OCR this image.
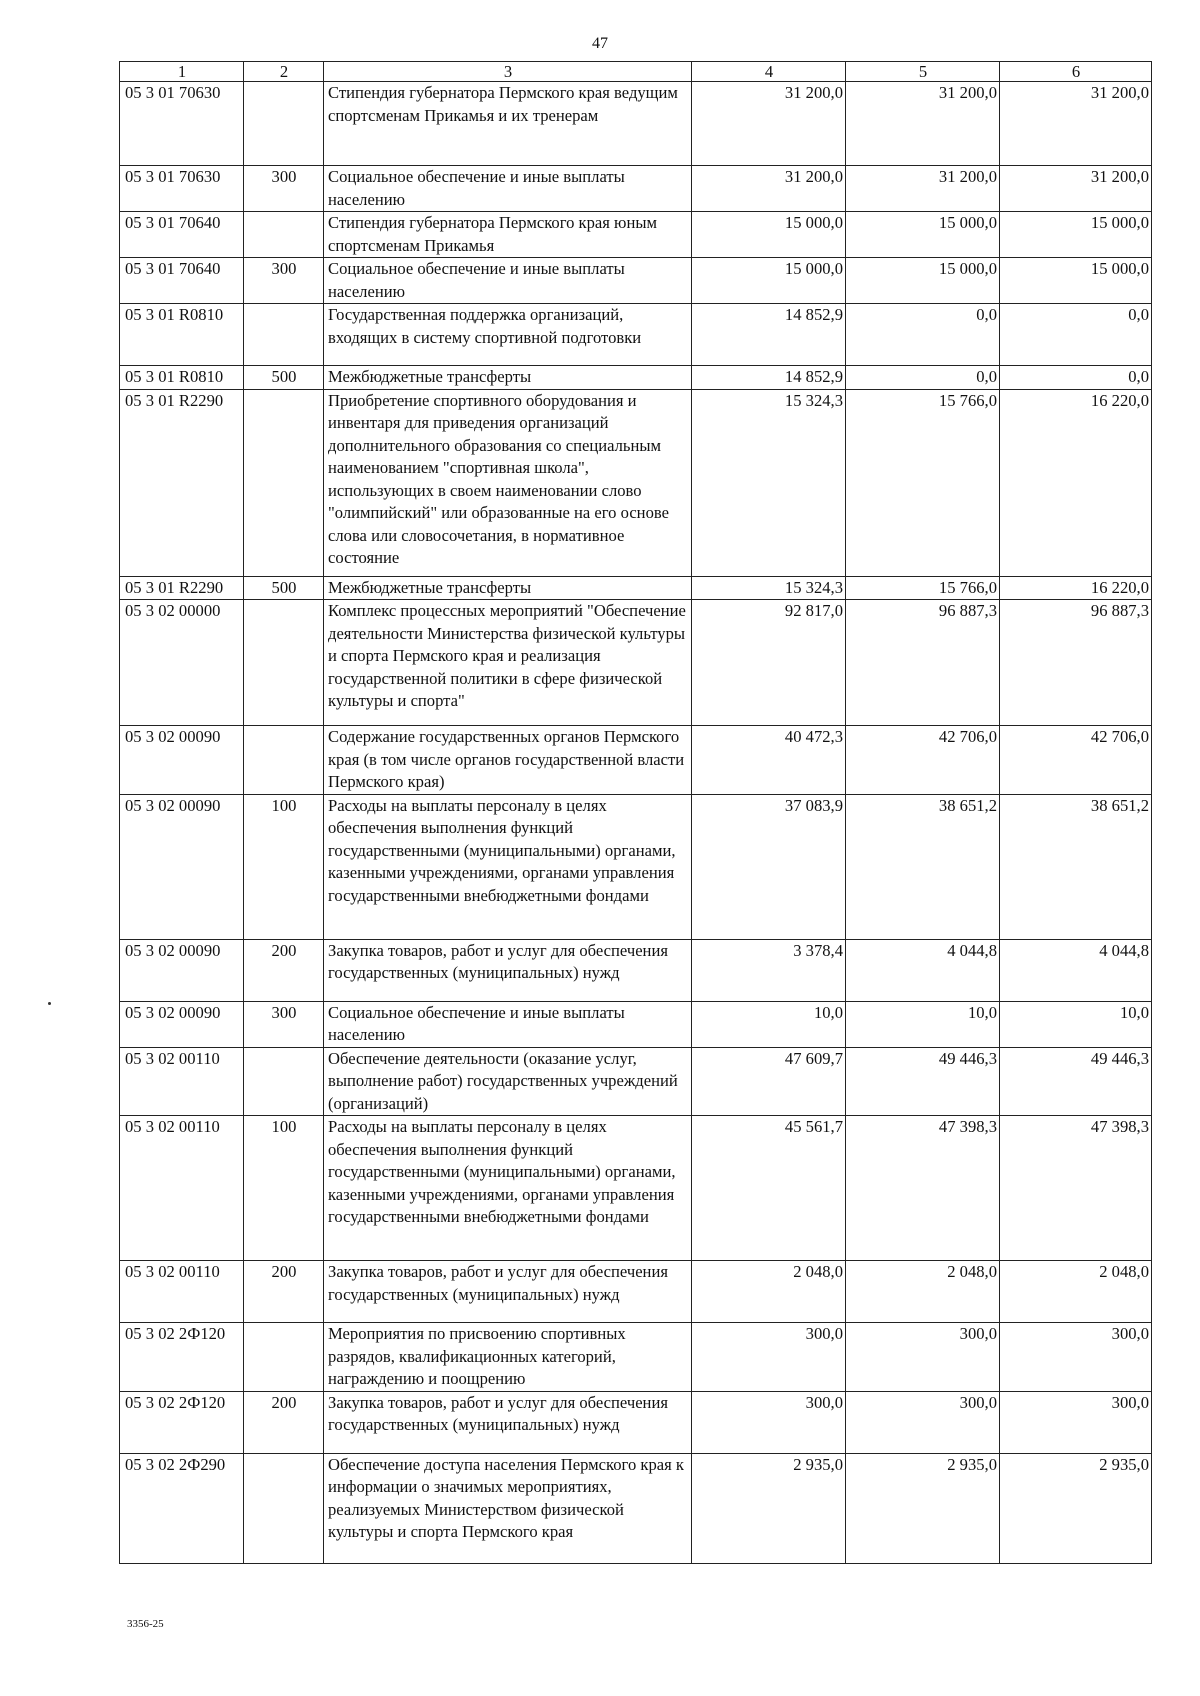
47
1	2	3	4	5	6
05 3 01 70630		Стипендия губернатора Пермского края ведущим спортсменам Прикамья и их тренерам	31 200,0	31 200,0	31 200,0
05 3 01 70630	300	Социальное обеспечение и иные выплаты населению	31 200,0	31 200,0	31 200,0
05 3 01 70640		Стипендия губернатора Пермского края юным спортсменам Прикамья	15 000,0	15 000,0	15 000,0
05 3 01 70640	300	Социальное обеспечение и иные выплаты населению	15 000,0	15 000,0	15 000,0
05 3 01 R0810		Государственная поддержка организаций, входящих в систему спортивной подготовки	14 852,9	0,0	0,0
05 3 01 R0810	500	Межбюджетные трансферты	14 852,9	0,0	0,0
05 3 01 R2290		Приобретение спортивного оборудования и инвентаря для приведения организаций дополнительного образования со специальным наименованием "спортивная школа", использующих в своем наименовании слово "олимпийский" или образованные на его основе слова или словосочетания, в нормативное состояние	15 324,3	15 766,0	16 220,0
05 3 01 R2290	500	Межбюджетные трансферты	15 324,3	15 766,0	16 220,0
05 3 02 00000		Комплекс процессных мероприятий "Обеспечение деятельности Министерства физической культуры и спорта Пермского края и реализация государственной политики в сфере физической культуры и спорта"	92 817,0	96 887,3	96 887,3
05 3 02 00090		Содержание государственных органов Пермского края (в том числе органов государственной власти Пермского края)	40 472,3	42 706,0	42 706,0
05 3 02 00090	100	Расходы на выплаты персоналу в целях обеспечения выполнения функций государственными (муниципальными) органами, казенными учреждениями, органами управления государственными внебюджетными фондами	37 083,9	38 651,2	38 651,2
05 3 02 00090	200	Закупка товаров, работ и услуг для обеспечения государственных (муниципальных) нужд	3 378,4	4 044,8	4 044,8
05 3 02 00090	300	Социальное обеспечение и иные выплаты населению	10,0	10,0	10,0
05 3 02 00110		Обеспечение деятельности (оказание услуг, выполнение работ) государственных учреждений (организаций)	47 609,7	49 446,3	49 446,3
05 3 02 00110	100	Расходы на выплаты персоналу в целях обеспечения выполнения функций государственными (муниципальными) органами, казенными учреждениями, органами управления государственными внебюджетными фондами	45 561,7	47 398,3	47 398,3
05 3 02 00110	200	Закупка товаров, работ и услуг для обеспечения государственных (муниципальных) нужд	2 048,0	2 048,0	2 048,0
05 3 02 2Ф120		Мероприятия по присвоению спортивных разрядов, квалификационных категорий, награждению и поощрению	300,0	300,0	300,0
05 3 02 2Ф120	200	Закупка товаров, работ и услуг для обеспечения государственных (муниципальных) нужд	300,0	300,0	300,0
05 3 02 2Ф290		Обеспечение доступа населения Пермского края к информации о значимых мероприятиях, реализуемых Министерством физической культуры и спорта Пермского края	2 935,0	2 935,0	2 935,0
3356-25
